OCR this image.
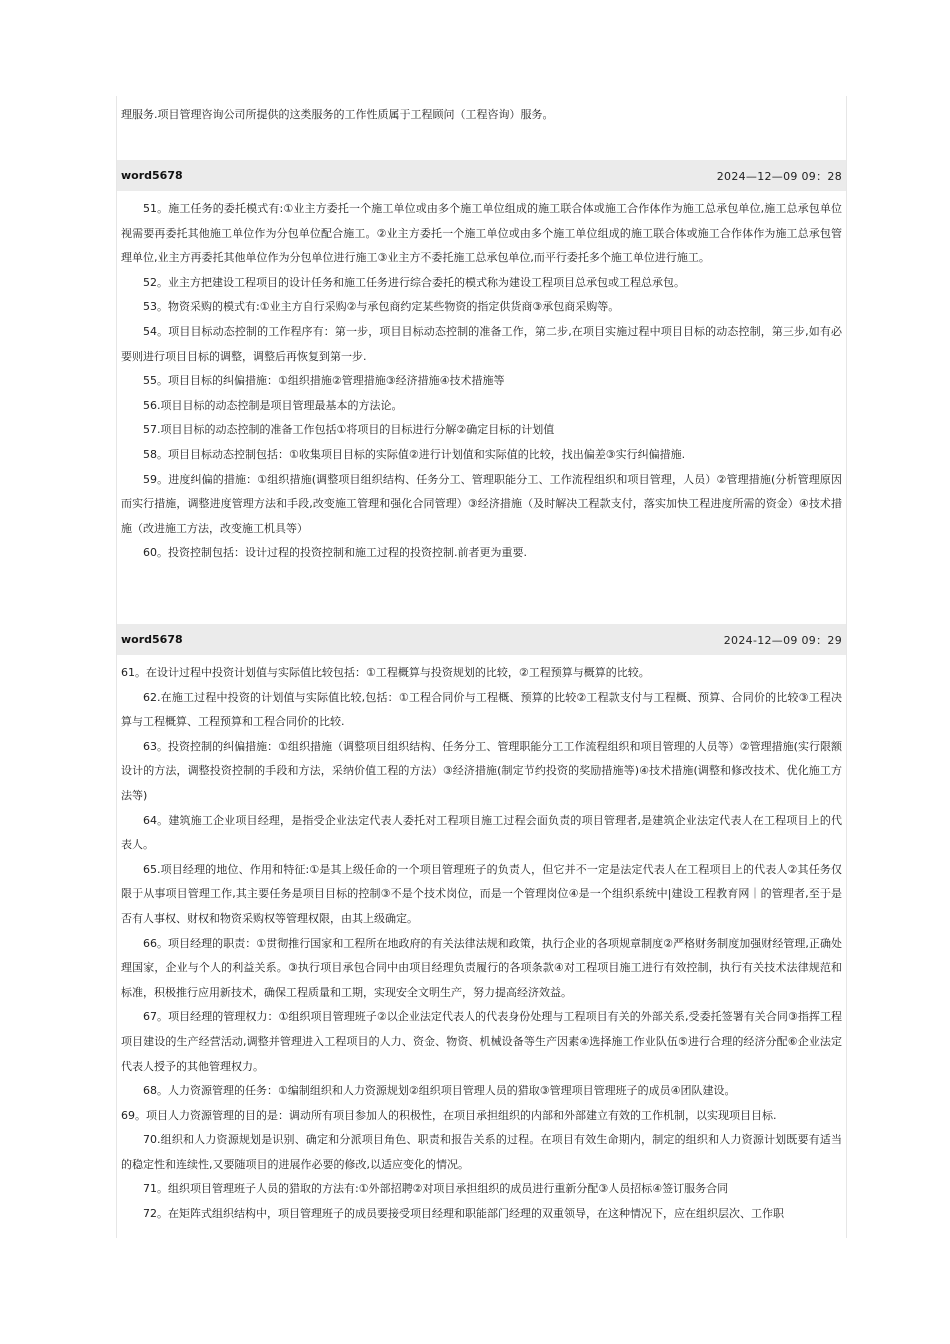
理服务.项目管理咨询公司所提供的这类服务的工作性质属于工程顾问（工程咨询）服务。
word5678	2024—12—09 09：28

51。施工任务的委托模式有:①业主方委托一个施工单位或由多个施工单位组成的施工联合体或施工合作体作为施工总承包单位,施工总承包单位视需要再委托其他施工单位作为分包单位配合施工。②业主方委托一个施工单位或由多个施工单位组成的施工联合体或施工合作体作为施工总承包管理单位,业主方再委托其他单位作为分包单位进行施工③业主方不委托施工总承包单位,而平行委托多个施工单位进行施工。

52。业主方把建设工程项目的设计任务和施工任务进行综合委托的模式称为建设工程项目总承包或工程总承包。

53。物资采购的模式有:①业主方自行采购②与承包商约定某些物资的指定供货商③承包商采购等。

54。项目目标动态控制的工作程序有：第一步，项目目标动态控制的准备工作，第二步,在项目实施过程中项目目标的动态控制，第三步,如有必要则进行项目目标的调整，调整后再恢复到第一步.

55。项目目标的纠偏措施：①组织措施②管理措施③经济措施④技术措施等

56.项目目标的动态控制是项目管理最基本的方法论。

57.项目目标的动态控制的准备工作包括①将项目的目标进行分解②确定目标的计划值

58。项目目标动态控制包括：①收集项目目标的实际值②进行计划值和实际值的比较，找出偏差③实行纠偏措施.

59。进度纠偏的措施：①组织措施(调整项目组织结构、任务分工、管理职能分工、工作流程组织和项目管理，人员）②管理措施(分析管理原因而实行措施，调整进度管理方法和手段,改变施工管理和强化合同管理）③经济措施（及时解决工程款支付，落实加快工程进度所需的资金）④技术措施（改进施工方法，改变施工机具等）

60。投资控制包括：设计过程的投资控制和施工过程的投资控制.前者更为重要.

word5678	2024-12—09 09：29

61。在设计过程中投资计划值与实际值比较包括：①工程概算与投资规划的比较，②工程预算与概算的比较。

62.在施工过程中投资的计划值与实际值比较,包括：①工程合同价与工程概、预算的比较②工程款支付与工程概、预算、合同价的比较③工程决算与工程概算、工程预算和工程合同价的比较.

63。投资控制的纠偏措施：①组织措施（调整项目组织结构、任务分工、管理职能分工工作流程组织和项目管理的人员等）②管理措施(实行限额设计的方法，调整投资控制的手段和方法，采纳价值工程的方法）③经济措施(制定节约投资的奖励措施等)④技术措施(调整和修改技术、优化施工方法等)

64。建筑施工企业项目经理，是指受企业法定代表人委托对工程项目施工过程会面负责的项目管理者,是建筑企业法定代表人在工程项目上的代表人。

65.项目经理的地位、作用和特征:①是其上级任命的一个项目管理班子的负责人，但它并不一定是法定代表人在工程项目上的代表人②其任务仅限于从事项目管理工作,其主要任务是项目目标的控制③不是个技术岗位，而是一个管理岗位④是一个组织系统中|建设工程教育网｜的管理者,至于是否有人事权、财权和物资采购权等管理权限，由其上级确定。

66。项目经理的职责：①贯彻推行国家和工程所在地政府的有关法律法规和政策，执行企业的各项规章制度②严格财务制度加强财经管理,正确处理国家，企业与个人的利益关系。③执行项目承包合同中由项目经理负责履行的各项条款④对工程项目施工进行有效控制，执行有关技术法律规范和标准，积极推行应用新技术，确保工程质量和工期，实现安全文明生产，努力提高经济效益。

67。项目经理的管理权力：①组织项目管理班子②以企业法定代表人的代表身份处理与工程项目有关的外部关系,受委托签署有关合同③指挥工程项目建设的生产经营活动,调整并管理进入工程项目的人力、资金、物资、机械设备等生产因素④选择施工作业队伍⑤进行合理的经济分配⑥企业法定代表人授予的其他管理权力。

68。人力资源管理的任务：①编制组织和人力资源规划②组织项目管理人员的猎取③管理项目管理班子的成员④团队建设。

69。项目人力资源管理的目的是：调动所有项目参加人的积极性，在项目承担组织的内部和外部建立有效的工作机制，以实现项目目标.

70.组织和人力资源规划是识别、确定和分派项目角色、职责和报告关系的过程。在项目有效生命期内，制定的组织和人力资源计划既要有适当的稳定性和连续性,又要随项目的进展作必要的修改,以适应变化的情况。

71。组织项目管理班子人员的猎取的方法有:①外部招聘②对项目承担组织的成员进行重新分配③人员招标④签订服务合同

72。在矩阵式组织结构中，项目管理班子的成员要接受项目经理和职能部门经理的双重领导，在这种情况下，应在组织层次、工作职
